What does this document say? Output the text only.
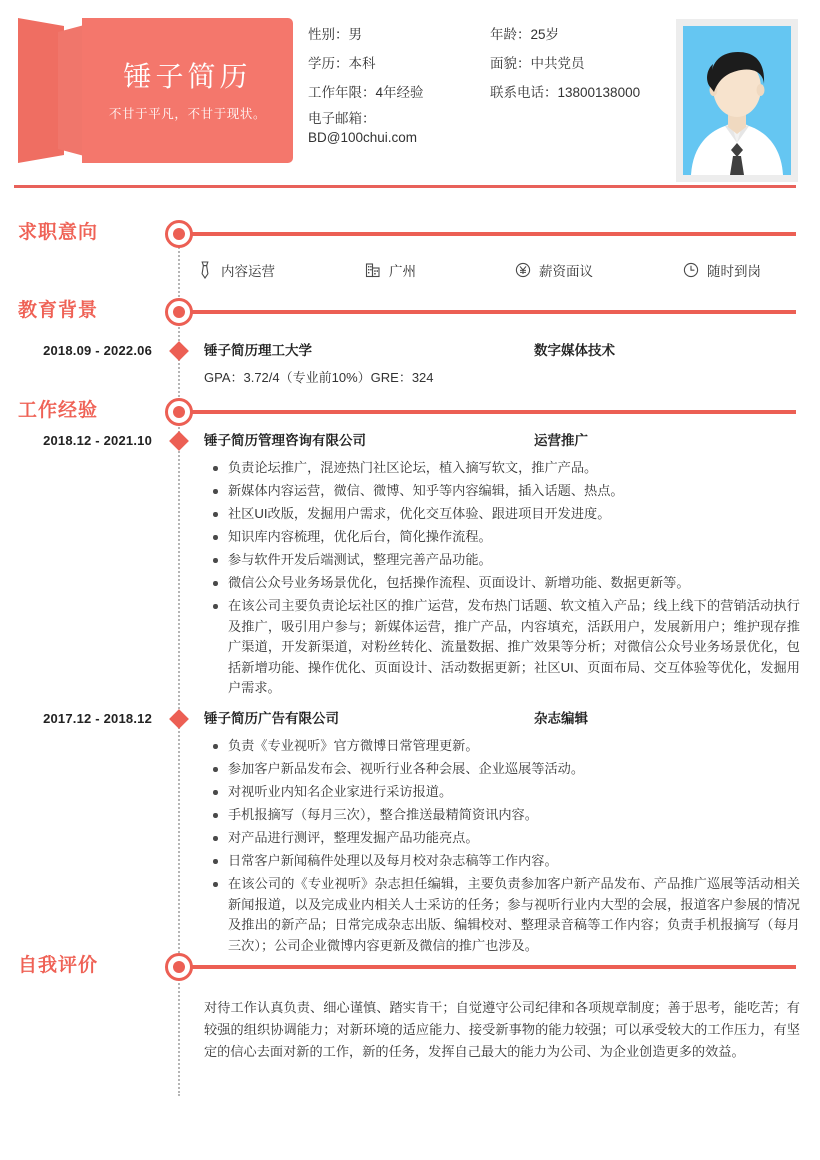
锤子简历
不甘于平凡，不甘于现状。
性别：男	年龄：25岁
学历：本科	面貌：中共党员
工作年限：4年经验	联系电话：13800138000
电子邮箱：BD@100chui.com
求职意向
内容运营	广州	薪资面议	随时到岗
教育背景
2018.09 - 2022.06	锤子简历理工大学	数字媒体技术
GPA：3.72/4（专业前10%）GRE：324
工作经验
2018.12 - 2021.10	锤子简历管理咨询有限公司	运营推广
负责论坛推广，混迹热门社区论坛，植入摘写软文，推广产品。
新媒体内容运营，微信、微博、知乎等内容编辑，插入话题、热点。
社区UI改版，发掘用户需求，优化交互体验、跟进项目开发进度。
知识库内容梳理，优化后台，简化操作流程。
参与软件开发后端测试，整理完善产品功能。
微信公众号业务场景优化，包括操作流程、页面设计、新增功能、数据更新等。
在该公司主要负责论坛社区的推广运营，发布热门话题、软文植入产品；线上线下的营销活动执行及推广，吸引用户参与；新媒体运营，推广产品，内容填充，活跃用户，发展新用户；维护现存推广渠道，开发新渠道，对粉丝转化、流量数据、推广效果等分析；对微信公众号业务场景优化，包括新增功能、操作优化、页面设计、活动数据更新；社区UI、页面布局、交互体验等优化，发掘用户需求。
2017.12 - 2018.12	锤子简历广告有限公司	杂志编辑
负责《专业视听》官方微博日常管理更新。
参加客户新品发布会、视听行业各种会展、企业巡展等活动。
对视听业内知名企业家进行采访报道。
手机报摘写（每月三次），整合推送最精简资讯内容。
对产品进行测评，整理发掘产品功能亮点。
日常客户新闻稿件处理以及每月校对杂志稿等工作内容。
在该公司的《专业视听》杂志担任编辑，主要负责参加客户新产品发布、产品推广巡展等活动相关新闻报道，以及完成业内相关人士采访的任务；参与视听行业内大型的会展，报道客户参展的情况及推出的新产品；日常完成杂志出版、编辑校对、整理录音稿等工作内容；负责手机报摘写（每月三次）；公司企业微博内容更新及微信的推广也涉及。
自我评价
对待工作认真负责、细心谨慎、踏实肯干；自觉遵守公司纪律和各项规章制度；善于思考，能吃苦；有较强的组织协调能力；对新环境的适应能力、接受新事物的能力较强；可以承受较大的工作压力，有坚定的信心去面对新的工作，新的任务，发挥自己最大的能力为公司、为企业创造更多的效益。
